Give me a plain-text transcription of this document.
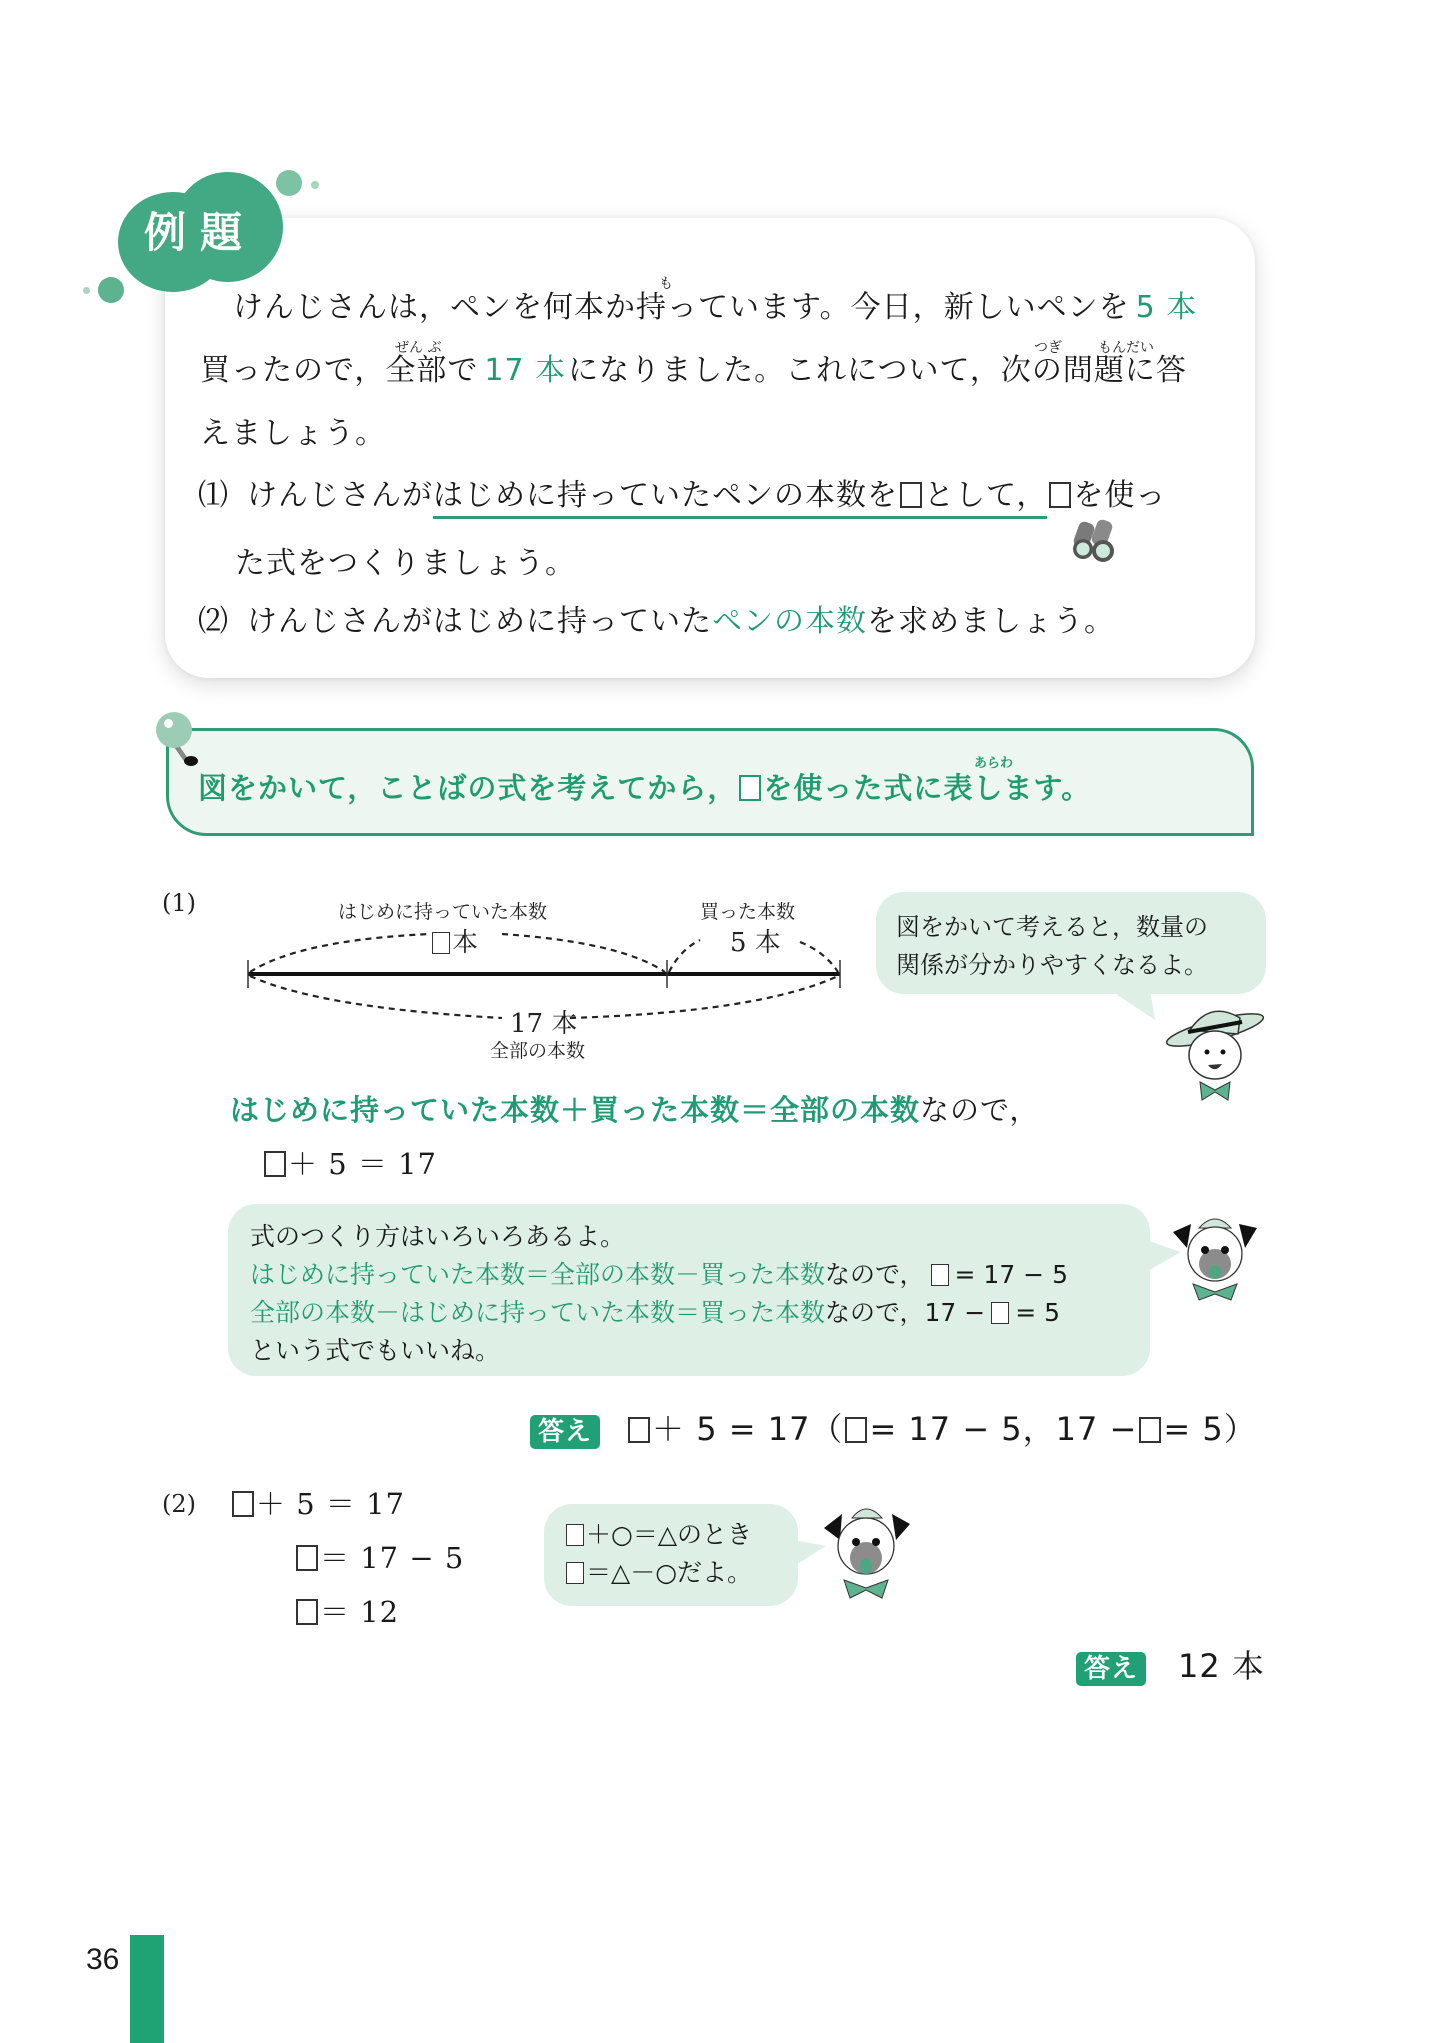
例題
も
けんじさんは，ペンを何本か持っています。今日，新しいペンを 5 本
ぜん ぶ	つぎ	もんだい
買ったので，全部で 17 本になりました。これについて，次の問題に答
えましょう。
⑴ けんじさんがはじめに持っていたペンの本数を として， を使っ
た式をつくりましょう。
⑵ けんじさんがはじめに持っていたペンの本数を求めましょう。
あらわ
図をかいて，ことばの式を考えてから， を使った式に表します。
(1)	はじめに持っていた本数
本
買った本数
5 本
17 本
全部の本数
図をかいて考えると，数量の
関係が分かりやすくなるよ。
はじめに持っていた本数＋買った本数＝全部の本数なので，
＋ 5 ＝ 17
式のつくり方はいろいろあるよ。
はじめに持っていた本数＝全部の本数－買った本数なので， = 17 − 5
全部の本数－はじめに持っていた本数＝買った本数なので，17 − = 5
という式でもいいね。
答え ＋ 5 = 17（ = 17 − 5，17 − = 5）
(2)	＋ 5 ＝ 17
＝ 17 − 5
＝ 12
＋○＝△のとき
＝△－○だよ。
答え 12 本
36
